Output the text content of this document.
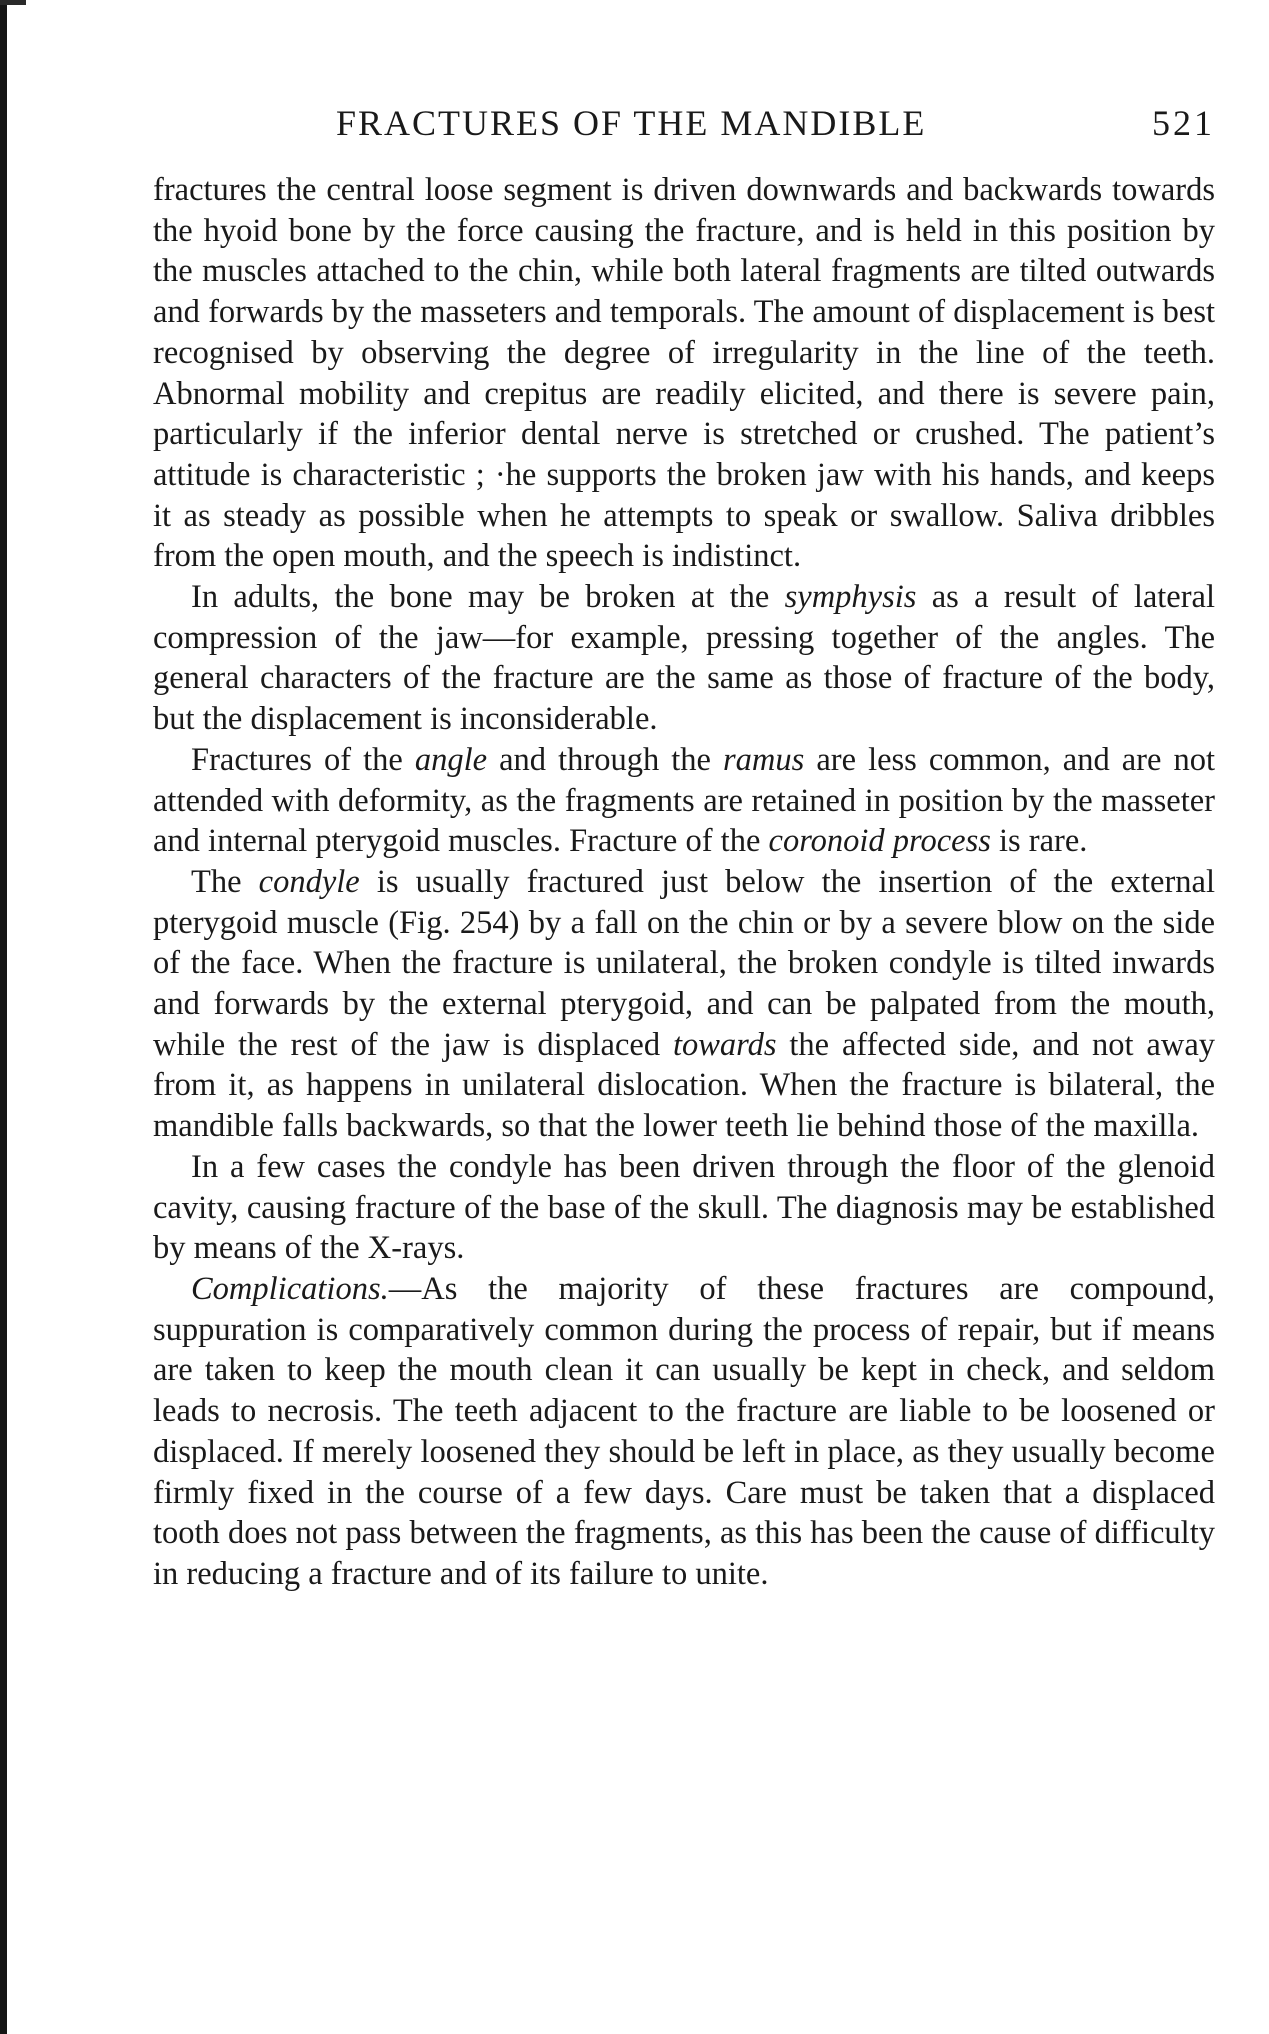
FRACTURES OF THE MANDIBLE	521

fractures the central loose segment is driven downwards and backwards towards the hyoid bone by the force causing the fracture, and is held in this position by the muscles attached to the chin, while both lateral fragments are tilted outwards and forwards by the masseters and temporals. The amount of displacement is best recognised by observing the degree of irregularity in the line of the teeth. Abnormal mobility and crepitus are readily elicited, and there is severe pain, particularly if the inferior dental nerve is stretched or crushed. The patient’s attitude is characteristic ; ·he supports the broken jaw with his hands, and keeps it as steady as possible when he attempts to speak or swallow. Saliva dribbles from the open mouth, and the speech is indistinct.

In adults, the bone may be broken at the symphysis as a result of lateral compression of the jaw—for example, pressing together of the angles. The general characters of the fracture are the same as those of fracture of the body, but the displacement is inconsiderable.

Fractures of the angle and through the ramus are less common, and are not attended with deformity, as the fragments are retained in position by the masseter and internal pterygoid muscles. Fracture of the coronoid process is rare.

The condyle is usually fractured just below the insertion of the external pterygoid muscle (Fig. 254) by a fall on the chin or by a severe blow on the side of the face. When the fracture is unilateral, the broken condyle is tilted inwards and forwards by the external pterygoid, and can be palpated from the mouth, while the rest of the jaw is displaced towards the affected side, and not away from it, as happens in unilateral dislocation. When the fracture is bilateral, the mandible falls backwards, so that the lower teeth lie behind those of the maxilla.

In a few cases the condyle has been driven through the floor of the glenoid cavity, causing fracture of the base of the skull. The diagnosis may be established by means of the X-rays.

Complications.—As the majority of these fractures are compound, suppuration is comparatively common during the process of repair, but if means are taken to keep the mouth clean it can usually be kept in check, and seldom leads to necrosis. The teeth adjacent to the fracture are liable to be loosened or displaced. If merely loosened they should be left in place, as they usually become firmly fixed in the course of a few days. Care must be taken that a displaced tooth does not pass between the fragments, as this has been the cause of difficulty in reducing a fracture and of its failure to unite.
